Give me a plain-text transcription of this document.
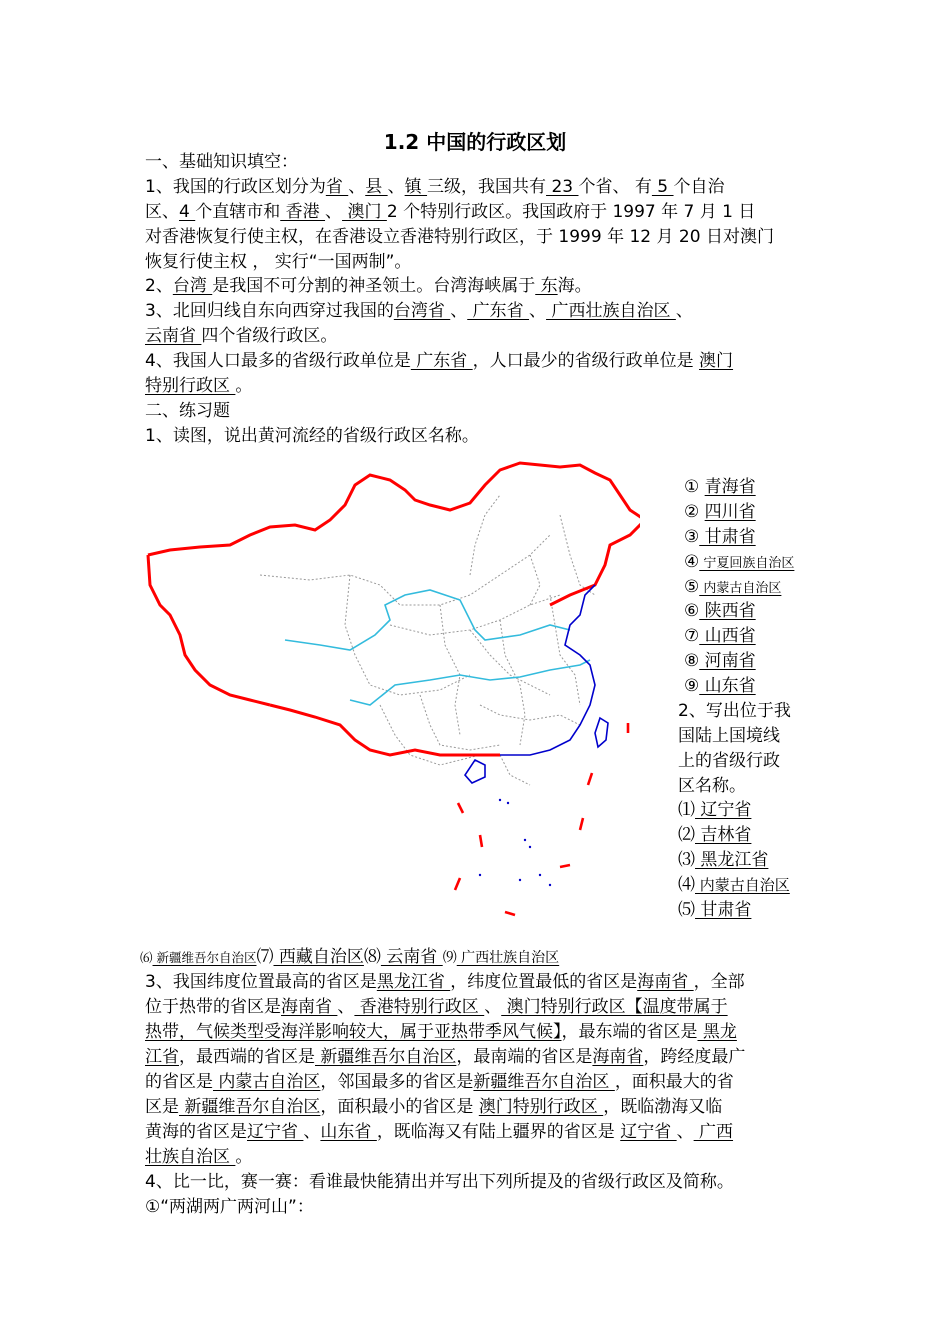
1.2 中国的行政区划
一、基础知识填空：
1、我国的行政区划分为省 、县 、镇 三级，我国共有 23 个省、 有 5 个自治
区、4 个直辖市和 香港 、 澳门 2 个特别行政区。我国政府于 1997 年 7 月 1 日
对香港恢复行使主权，在香港设立香港特别行政区，于 1999 年 12 月 20 日对澳门
恢复行使主权 ， 实行“一国两制”。
2、台湾 是我国不可分割的神圣领土。台湾海峡属于 东海。
3、北回归线自东向西穿过我国的台湾省 、 广东省 、 广西壮族自治区 、
云南省 四个省级行政区。
4、我国人口最多的省级行政单位是 广东省 ，人口最少的省级行政单位是 澳门
特别行政区 。
二、练习题
1、读图，说出黄河流经的省级行政区名称。
① 青海省
② 四川省
③ 甘肃省
④ 宁夏回族自治区
⑤ 内蒙古自治区
⑥ 陕西省
⑦ 山西省
⑧ 河南省
⑨ 山东省
2、写出位于我
国陆上国境线
上的省级行政
区名称。
⑴ 辽宁省
⑵ 吉林省
⑶ 黑龙江省
⑷ 内蒙古自治区
⑸ 甘肃省
⑹ 新疆维吾尔自治区⑺ 西藏自治区⑻ 云南省 ⑼ 广西壮族自治区
3、我国纬度位置最高的省区是黑龙江省 ，纬度位置最低的省区是海南省 ，全部
位于热带的省区是海南省 、 香港特别行政区 、 澳门特别行政区【温度带属于
热带，气候类型受海洋影响较大，属于亚热带季风气候】，最东端的省区是 黑龙
江省，最西端的省区是 新疆维吾尔自治区，最南端的省区是海南省，跨经度最广
的省区是 内蒙古自治区，邻国最多的省区是新疆维吾尔自治区 ，面积最大的省
区是 新疆维吾尔自治区，面积最小的省区是 澳门特别行政区 ，既临渤海又临
黄海的省区是辽宁省 、山东省 ，既临海又有陆上疆界的省区是 辽宁省 、 广西
壮族自治区 。
4、比一比，赛一赛：看谁最快能猜出并写出下列所提及的省级行政区及简称。
①“两湖两广两河山”：
